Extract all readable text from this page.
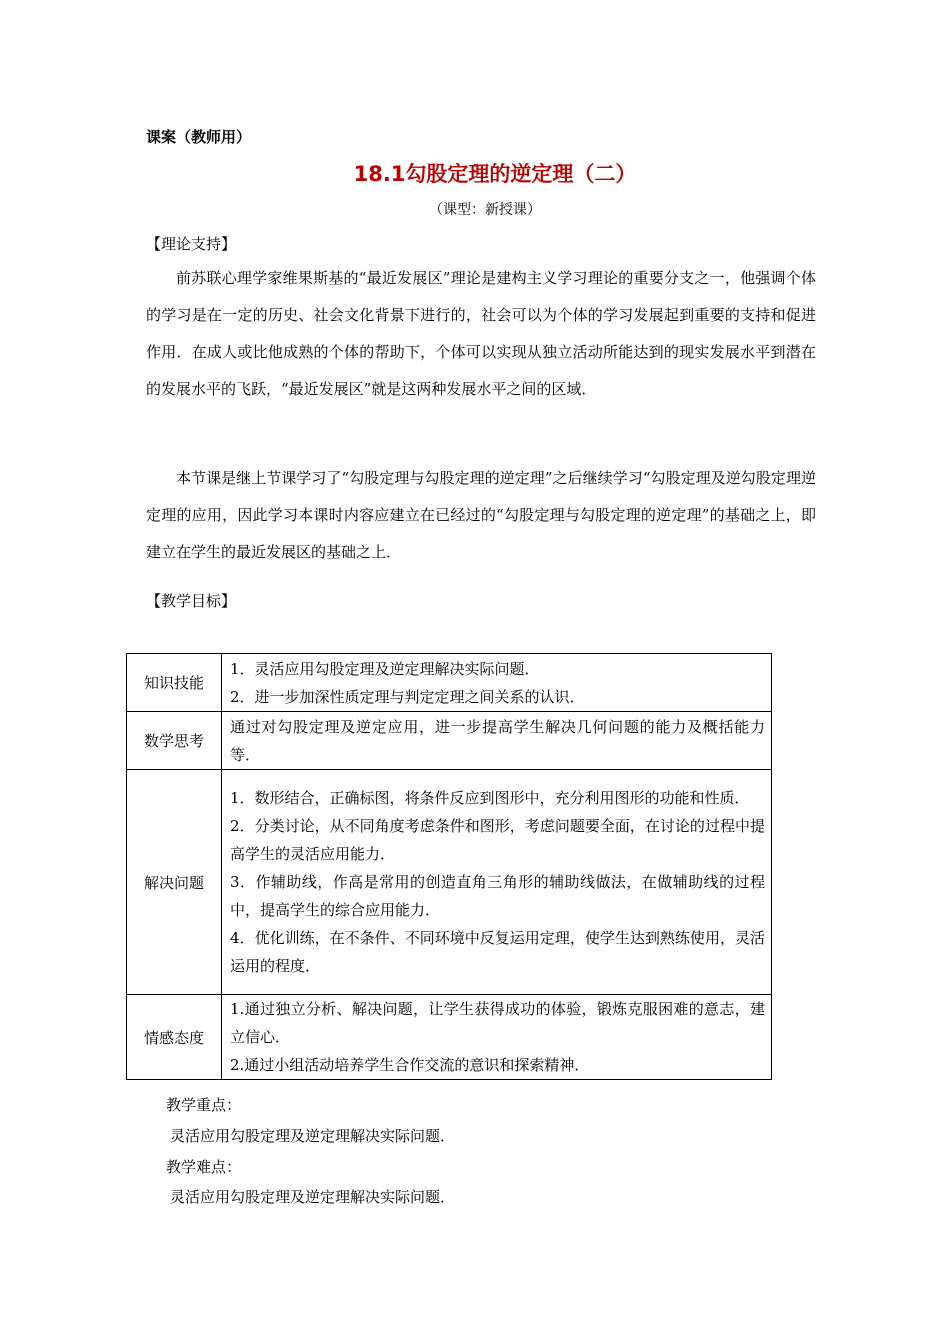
课案（教师用）
18.1勾股定理的逆定理（二）
（课型：新授课）
【理论支持】

前苏联心理学家维果斯基的“最近发展区”理论是建构主义学习理论的重要分支之一，他强调个体的学习是在一定的历史、社会文化背景下进行的，社会可以为个体的学习发展起到重要的支持和促进作用．在成人或比他成熟的个体的帮助下，个体可以实现从独立活动所能达到的现实发展水平到潜在的发展水平的飞跃，“最近发展区”就是这两种发展水平之间的区域．

本节课是继上节课学习了“勾股定理与勾股定理的逆定理”之后继续学习“勾股定理及逆勾股定理逆定理的应用，因此学习本课时内容应建立在已经过的“勾股定理与勾股定理的逆定理”的基础之上，即建立在学生的最近发展区的基础之上．

【教学目标】
知识技能	1．灵活应用勾股定理及逆定理解决实际问题．
2．进一步加深性质定理与判定定理之间关系的认识．

数学思考	通过对勾股定理及逆定应用，进一步提高学生解决几何问题的能力及概括能力等．

解决问题	1．数形结合，正确标图，将条件反应到图形中，充分利用图形的功能和性质．
2．分类讨论，从不同角度考虑条件和图形，考虑问题要全面，在讨论的过程中提高学生的灵活应用能力．
3．作辅助线，作高是常用的创造直角三角形的辅助线做法，在做辅助线的过程中，提高学生的综合应用能力．
4．优化训练，在不条件、不同环境中反复运用定理，使学生达到熟练使用，灵活运用的程度．

情感态度	1.通过独立分析、解决问题，让学生获得成功的体验，锻炼克服困难的意志，建立信心．
2.通过小组活动培养学生合作交流的意识和探索精神．
教学重点：
灵活应用勾股定理及逆定理解决实际问题．
教学难点：
灵活应用勾股定理及逆定理解决实际问题．
